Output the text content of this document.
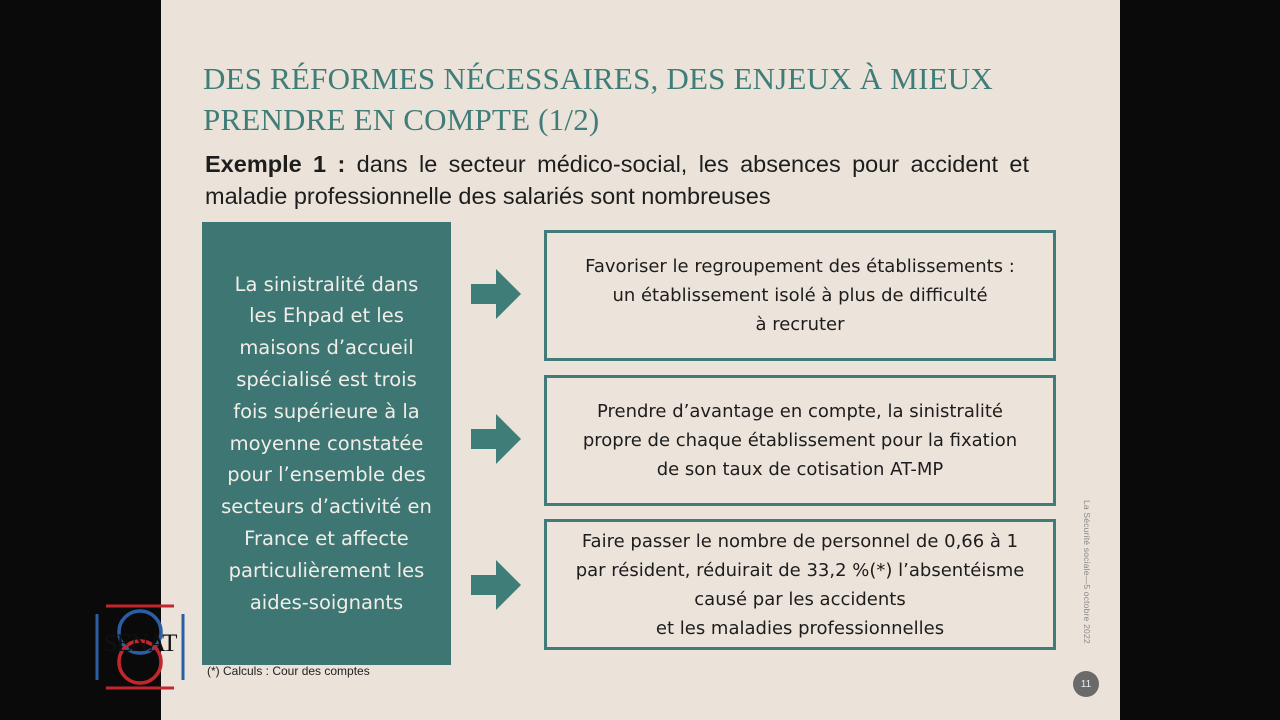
DES RÉFORMES NÉCESSAIRES, DES ENJEUX À MIEUX
PRENDRE EN COMPTE (1/2)
Exemple 1 : dans le secteur médico-social, les absences pour accident et maladie professionnelle des salariés sont nombreuses
La sinistralité dans
les Ehpad et les
maisons d’accueil
spécialisé est trois
fois supérieure à la
moyenne constatée
pour l’ensemble des
secteurs d’activité en
France et affecte
particulièrement les
aides-soignants
Favoriser le regroupement des établissements :
un établissement isolé à plus de difficulté
à recruter
Prendre d’avantage en compte, la sinistralité
propre de chaque établissement pour la fixation
de son taux de cotisation AT-MP
Faire passer le nombre de personnel de 0,66 à 1
par résident, réduirait de 33,2 %(*) l’absentéisme
causé par les accidents
et les maladies professionnelles
(*) Calculs : Cour des comptes
La Sécurité sociale—5 octobre 2022
11
SENAT
